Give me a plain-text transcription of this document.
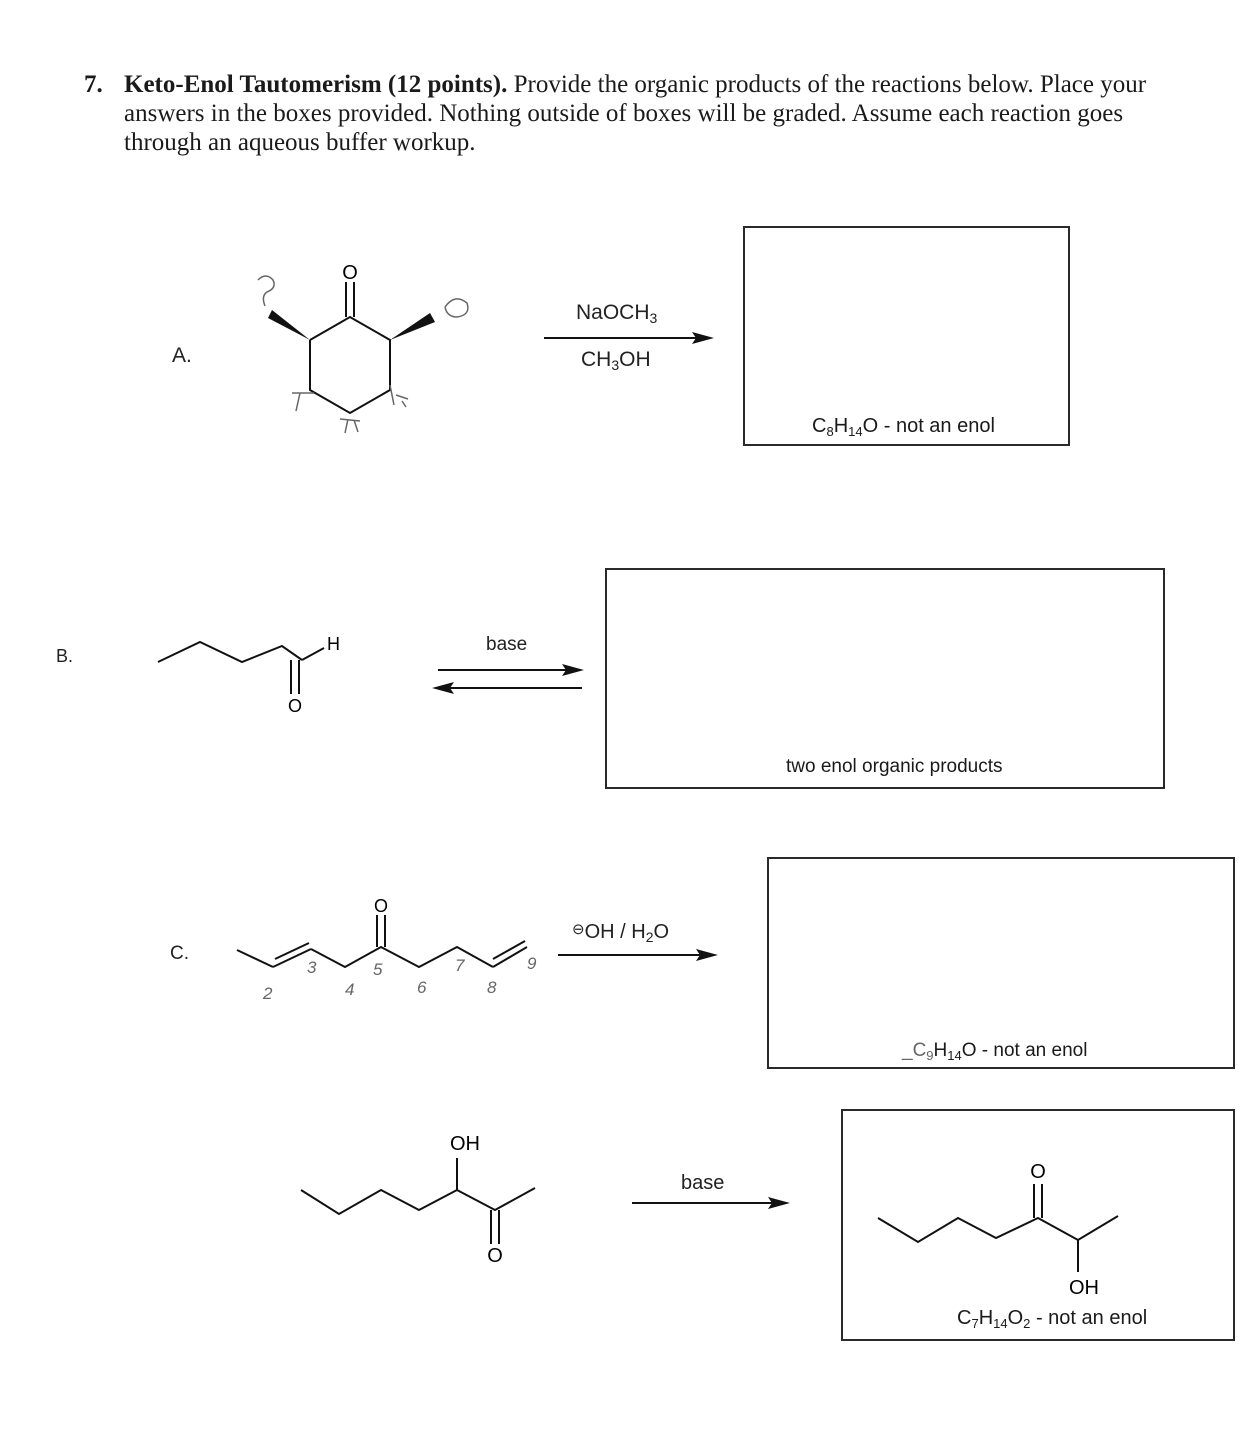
7. Keto-Enol Tautomerism (12 points). Provide the organic products of the reactions below. Place your answers in the boxes provided. Nothing outside of boxes will be graded. Assume each reaction goes through an aqueous buffer workup.
A.
O
NaOCH$_3$
$CH_3OH$
$C_8H_{14}O$ - not an enol
B.
H
O
base
two enol organic products
C.
O
2
3
4
5
6
7
8
9
$^⊖OH / H_2O$
$\_C_9H_{14}O$ - not an enol
OH
O
base	O
OH
$C_7H_{14}O_2$ - not an enol
